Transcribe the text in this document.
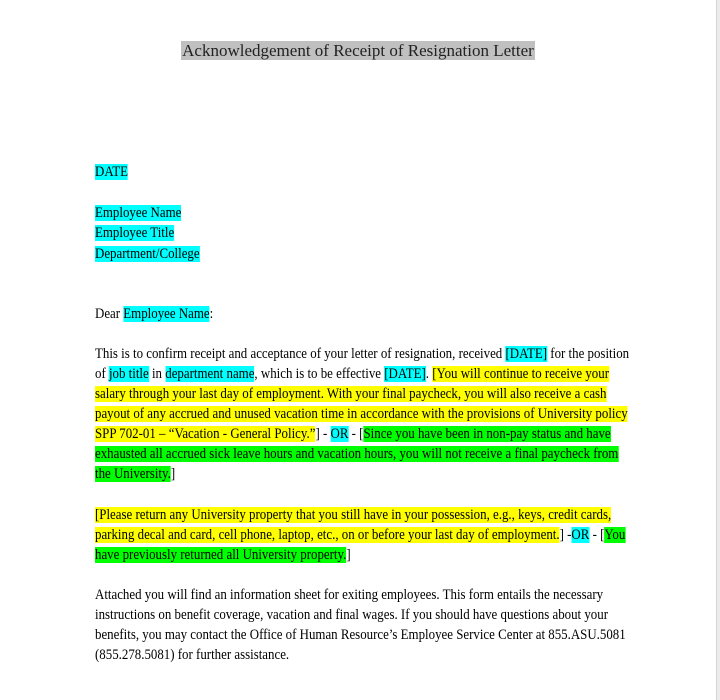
Acknowledgement of Receipt of Resignation Letter
DATE
Employee Name
Employee Title
Department/College
Dear Employee Name:
This is to confirm receipt and acceptance of your letter of resignation, received [DATE] for the position
of job title in department name, which is to be effective [DATE]. [You will continue to receive your
salary through your last day of employment. With your final paycheck, you will also receive a cash
payout of any accrued and unused vacation time in accordance with the provisions of University policy
SPP 702-01 – “Vacation - General Policy.”] - OR - [Since you have been in non-pay status and have
exhausted all accrued sick leave hours and vacation hours, you will not receive a final paycheck from
the University.]
[Please return any University property that you still have in your possession, e.g., keys, credit cards,
parking decal and card, cell phone, laptop, etc., on or before your last day of employment.] -OR - [You
have previously returned all University property.]
Attached you will find an information sheet for exiting employees. This form entails the necessary
instructions on benefit coverage, vacation and final wages. If you should have questions about your
benefits, you may contact the Office of Human Resource’s Employee Service Center at 855.ASU.5081
(855.278.5081) for further assistance.
